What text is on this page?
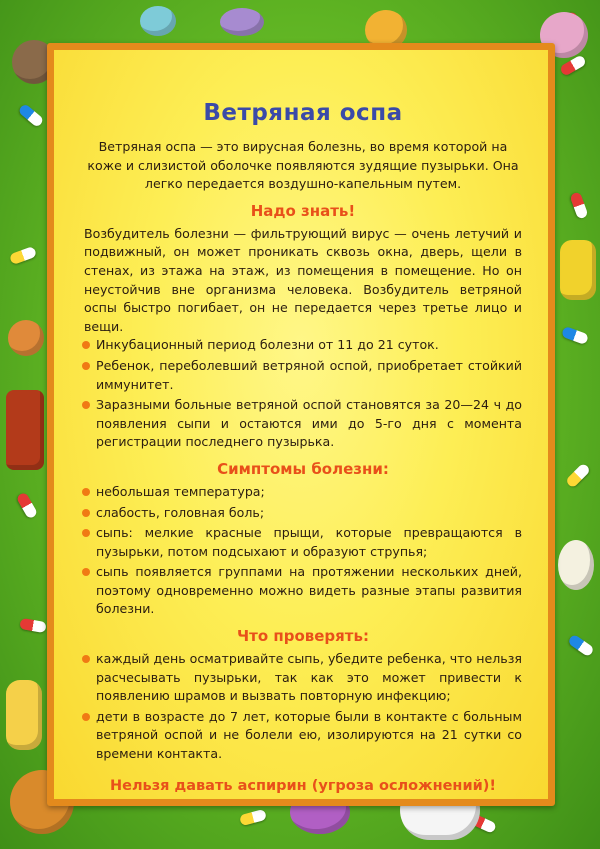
Ветряная оспа

Ветряная оспа — это вирусная болезнь, во время которой на коже и слизистой оболочке появляются зудящие пузырьки. Она легко передается воздушно-капельным путем.

Надо знать!

Возбудитель болезни — фильтрующий вирус — очень летучий и подвижный, он может проникать сквозь окна, дверь, щели в стенах, из этажа на этаж, из помещения в помещение. Но он неустойчив вне организма человека. Возбудитель ветряной оспы быстро погибает, он не передается через третье лицо и вещи.

Инкубационный период болезни от 11 до 21 суток.
Ребенок, переболевший ветряной оспой, приобретает стойкий иммунитет.
Заразными больные ветряной оспой становятся за 20—24 ч до появления сыпи и остаются ими до 5-го дня с момента регистрации последнего пузырька.
Симптомы болезни:
небольшая температура;
слабость, головная боль;
сыпь: мелкие красные прыщи, которые превращаются в пузырьки, потом подсыхают и образуют струпья;
сыпь появляется группами на протяжении нескольких дней, поэтому одновременно можно видеть разные этапы развития болезни.
Что проверять:
каждый день осматривайте сыпь, убедите ребенка, что нельзя расчесывать пузырьки, так как это может привести к появлению шрамов и вызвать повторную инфекцию;
дети в возрасте до 7 лет, которые были в контакте с больным ветряной оспой и не болели ею, изолируются на 21 сутки со времени контакта.
Нельзя давать аспирин (угроза осложнений)!
